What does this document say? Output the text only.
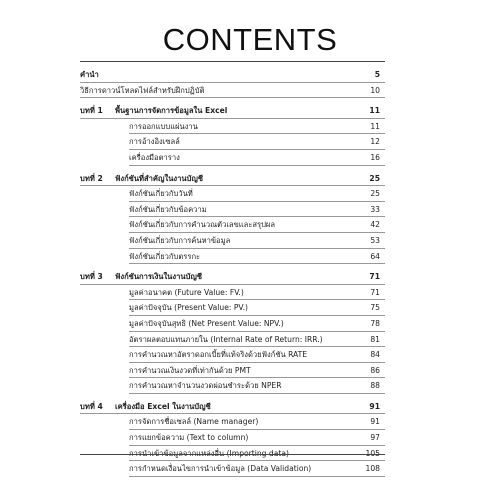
CONTENTS
คำนำ	5
วิธีการดาวน์โหลดไฟล์สำหรับฝึกปฏิบัติ	10
บทที่ 1 พื้นฐานการจัดการข้อมูลใน Excel	11
การออกแบบแผ่นงาน	11
การอ้างอิงเซลล์	12
เครื่องมือตาราง	16
บทที่ 2 ฟังก์ชันที่สำคัญในงานบัญชี	25
ฟังก์ชันเกี่ยวกับวันที่	25
ฟังก์ชันเกี่ยวกับข้อความ	33
ฟังก์ชันเกี่ยวกับการคำนวณตัวเลขและสรุปผล	42
ฟังก์ชันเกี่ยวกับการค้นหาข้อมูล	53
ฟังก์ชันเกี่ยวกับตรรกะ	64
บทที่ 3 ฟังก์ชันการเงินในงานบัญชี	71
มูลค่าอนาคต (Future Value: FV.)	71
มูลค่าปัจจุบัน (Present Value: PV.)	75
มูลค่าปัจจุบันสุทธิ (Net Present Value: NPV.)	78
อัตราผลตอบแทนภายใน (Internal Rate of Return: IRR.)	81
การคำนวณหาอัตราดอกเบี้ยที่แท้จริงด้วยฟังก์ชัน RATE	84
การคำนวณเงินงวดที่เท่ากันด้วย PMT	86
การคำนวณหาจำนวนงวดผ่อนชำระด้วย NPER	88
บทที่ 4 เครื่องมือ Excel ในงานบัญชี	91
การจัดการชื่อเซลล์ (Name manager)	91
การแยกข้อความ (Text to column)	97
การนำเข้าข้อมูลจากแหล่งอื่น (Importing data)	105
การกำหนดเงื่อนไขการนำเข้าข้อมูล (Data Validation)	108
